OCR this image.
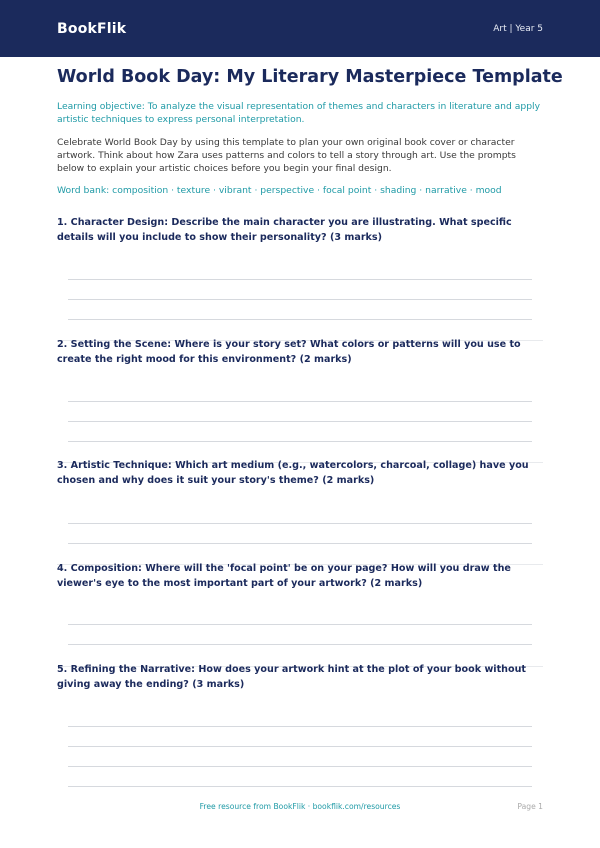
BookFlik	Art | Year 5
World Book Day: My Literary Masterpiece Template
Learning objective: To analyze the visual representation of themes and characters in literature and apply artistic techniques to express personal interpretation.
Celebrate World Book Day by using this template to plan your own original book cover or character artwork. Think about how Zara uses patterns and colors to tell a story through art. Use the prompts below to explain your artistic choices before you begin your final design.
Word bank: composition · texture · vibrant · perspective · focal point · shading · narrative · mood
1. Character Design: Describe the main character you are illustrating. What specific details will you include to show their personality? (3 marks)
2. Setting the Scene: Where is your story set? What colors or patterns will you use to create the right mood for this environment? (2 marks)
3. Artistic Technique: Which art medium (e.g., watercolors, charcoal, collage) have you chosen and why does it suit your story's theme? (2 marks)
4. Composition: Where will the 'focal point' be on your page? How will you draw the viewer's eye to the most important part of your artwork? (2 marks)
5. Refining the Narrative: How does your artwork hint at the plot of your book without giving away the ending? (3 marks)
Free resource from BookFlik · bookflik.com/resources	Page 1
